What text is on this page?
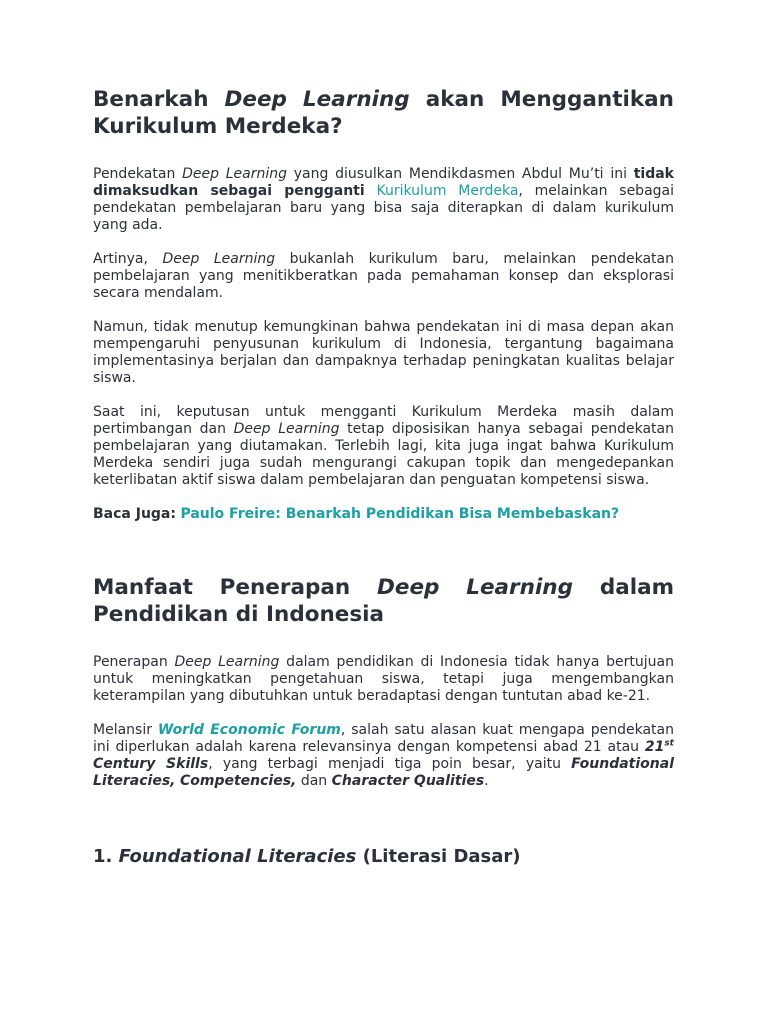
Benarkah Deep Learning akan Menggantikan Kurikulum Merdeka?

Pendekatan Deep Learning yang diusulkan Mendikdasmen Abdul Mu’ti ini tidak dimaksudkan sebagai pengganti Kurikulum Merdeka, melainkan sebagai pendekatan pembelajaran baru yang bisa saja diterapkan di dalam kurikulum yang ada.

Artinya, Deep Learning bukanlah kurikulum baru, melainkan pendekatan pembelajaran yang menitikberatkan pada pemahaman konsep dan eksplorasi secara mendalam.

Namun, tidak menutup kemungkinan bahwa pendekatan ini di masa depan akan mempengaruhi penyusunan kurikulum di Indonesia, tergantung bagaimana implementasinya berjalan dan dampaknya terhadap peningkatan kualitas belajar siswa.

Saat ini, keputusan untuk mengganti Kurikulum Merdeka masih dalam pertimbangan dan Deep Learning tetap diposisikan hanya sebagai pendekatan pembelajaran yang diutamakan. Terlebih lagi, kita juga ingat bahwa Kurikulum Merdeka sendiri juga sudah mengurangi cakupan topik dan mengedepankan keterlibatan aktif siswa dalam pembelajaran dan penguatan kompetensi siswa.

Baca Juga: Paulo Freire: Benarkah Pendidikan Bisa Membebaskan?

Manfaat Penerapan Deep Learning dalam Pendidikan di Indonesia

Penerapan Deep Learning dalam pendidikan di Indonesia tidak hanya bertujuan untuk meningkatkan pengetahuan siswa, tetapi juga mengembangkan keterampilan yang dibutuhkan untuk beradaptasi dengan tuntutan abad ke-21.

Melansir World Economic Forum, salah satu alasan kuat mengapa pendekatan ini diperlukan adalah karena relevansinya dengan kompetensi abad 21 atau 21st Century Skills, yang terbagi menjadi tiga poin besar, yaitu Foundational Literacies, Competencies, dan Character Qualities.

1. Foundational Literacies (Literasi Dasar)
